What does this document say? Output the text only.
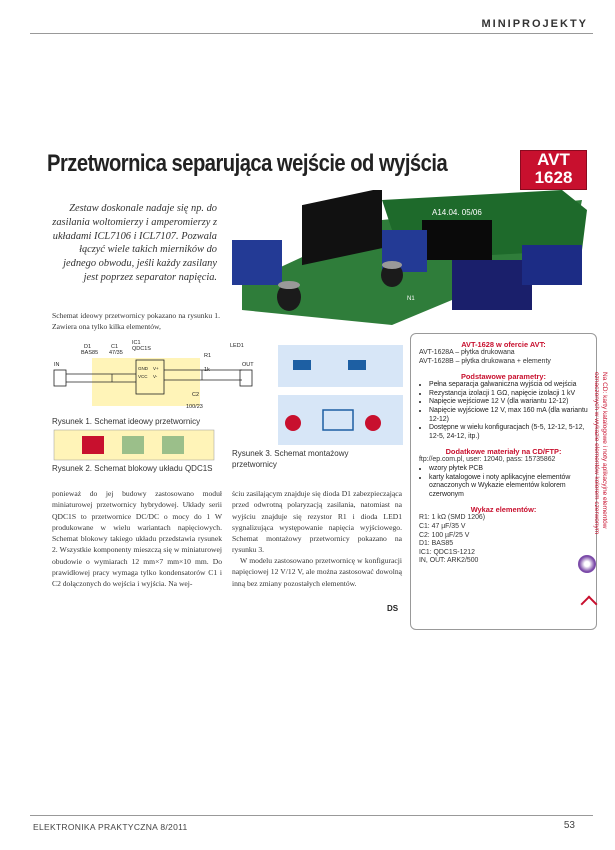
MINIPROJEKTY
Przetwornica separująca wejście od wyjścia	AVT
1628
Zestaw doskonale nadaje się np. do zasilania woltomierzy i amperomierzy z układami ICL7106 i ICL7107. Pozwala łączyć wiele takich mierników do jednego obwodu, jeśli każdy zasilany jest poprzez separator napięcia.
A14.04. 05/06
Ini
N1
Schemat ideowy przetwornicy pokazano na rysunku 1. Zawiera ona tylko kilka elementów,
IN	OUT
D1
BAS85
C1
47/35
IC1
QDC1S
R1
1k
LED1
C2
100/23
GND
VCC
V+
V-
Rysunek 1. Schemat ideowy przetwornicy
Rysunek 2. Schemat blokowy układu QDC1S
Rysunek 3. Schemat montażowy przetwornicy
ponieważ do jej budowy zastosowano moduł miniaturowej przetwornicy hybrydowej. Układy serii QDC1S to przetwornice DC/DC o mocy do 1 W produkowane w wielu wariantach napięciowych. Schemat blokowy takiego układu przedstawia rysunek 2. Wszystkie komponenty mieszczą się w miniaturowej obudowie o wymiarach 12 mm×7 mm×10 mm. Do prawidłowej pracy wymaga tylko kondensatorów C1 i C2 dołączonych do wejścia i wyjścia. Na wej-
ściu zasilającym znajduje się dioda D1 zabezpieczająca przed odwrotną polaryzacją zasilania, natomiast na wyjściu znajduje się rezystor R1 i dioda LED1 sygnalizująca występowanie napięcia wyjściowego. Schemat montażowy przetwornicy pokazano na rysunku 3.
W modelu zastosowano przetwornicę w konfiguracji napięciowej 12 V/12 V, ale można zastosować dowolną inną bez zmiany pozostałych elementów.
DS
AVT-1628 w ofercie AVT:
AVT-1628A – płytka drukowana
AVT-1628B – płytka drukowana + elementy
Podstawowe parametry:
• Pełna separacja galwaniczna wyjścia od wejścia
• Rezystancja izolacji 1 GΩ, napięcie izolacji 1 kV
• Napięcie wejściowe 12 V (dla wariantu 12-12)
• Napięcie wyjściowe 12 V, max 160 mA (dla wariantu 12-12)
• Dostępne w wielu konfiguracjach (5-5, 12-12, 5-12, 12-5, 24-12, itp.)
Dodatkowe materiały na CD/FTP:
ftp://ep.com.pl, user: 12040, pass: 15735862
• wzory płytek PCB
• karty katalogowe i noty aplikacyjne elementów oznaczonych w Wykazie elementów kolorem czerwonym
Wykaz elementów:
R1: 1 kΩ (SMD 1206)
C1: 47 µF/35 V
C2: 100 µF/25 V
D1: BAS85
IC1: QDC1S-1212
IN, OUT: ARK2/500
Na CD: karty katalogowe i noty aplikacyjne elementów oznaczonych w wykazie elementów kolorem czerwonym
ELEKTRONIKA PRAKTYCZNA 8/2011	53
